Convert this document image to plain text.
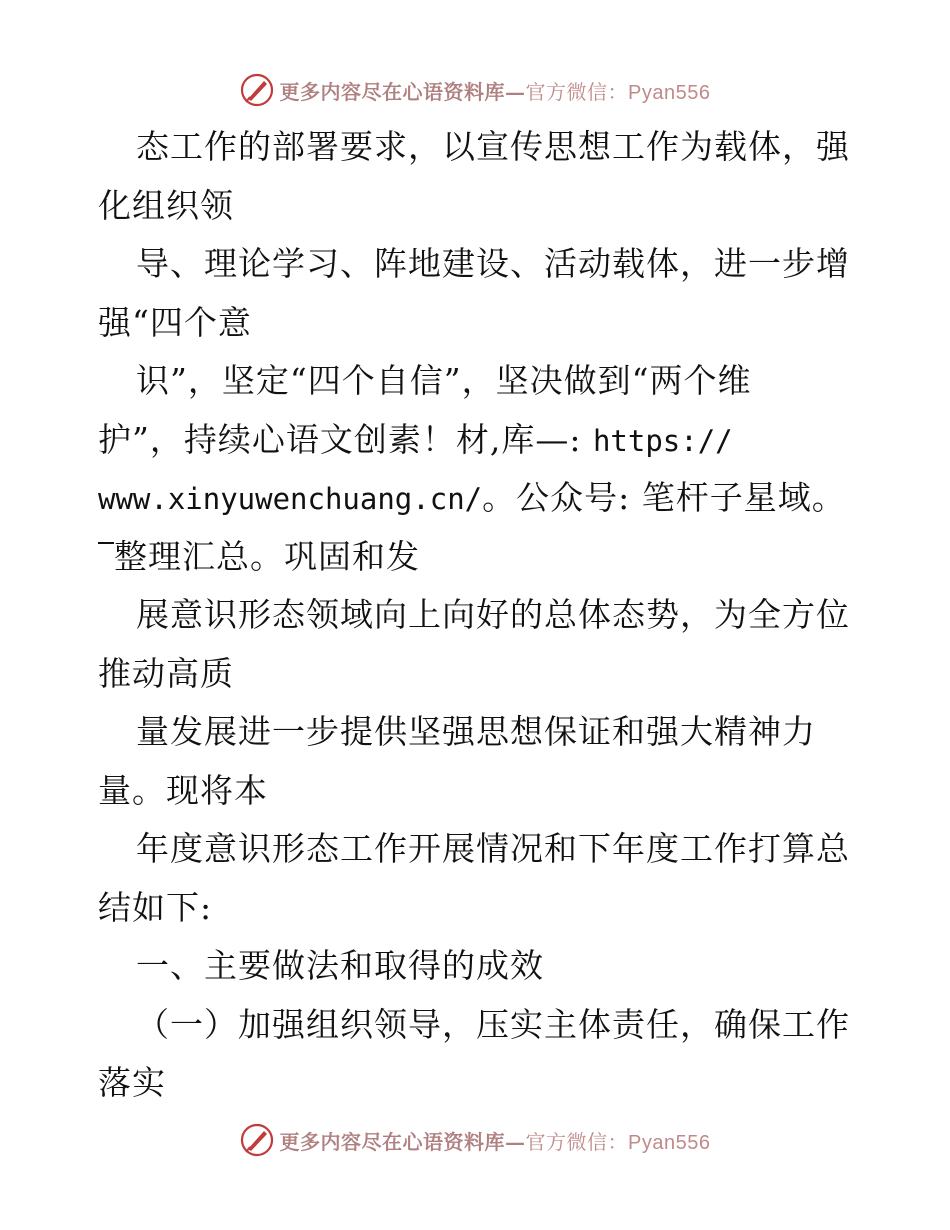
更多内容尽在心语资料库—官方微信：Pyan556
态工作的部署要求，以宣传思想工作为载体，强
化组织领
导、理论学习、阵地建设、活动载体，进一步增
强“四个意
识”，坚定“四个自信”，坚决做到“两个维
护”，持续心语文创素！材,库—: https://
www.xinyuwenchuang.cn/。公众号: 笔杆子星域。
整理汇总。巩固和发
展意识形态领域向上向好的总体态势，为全方位
推动高质
量发展进一步提供坚强思想保证和强大精神力
量。现将本
年度意识形态工作开展情况和下年度工作打算总
结如下:
一、主要做法和取得的成效
（一）加强组织领导，压实主体责任，确保工作
落实
更多内容尽在心语资料库—官方微信：Pyan556
